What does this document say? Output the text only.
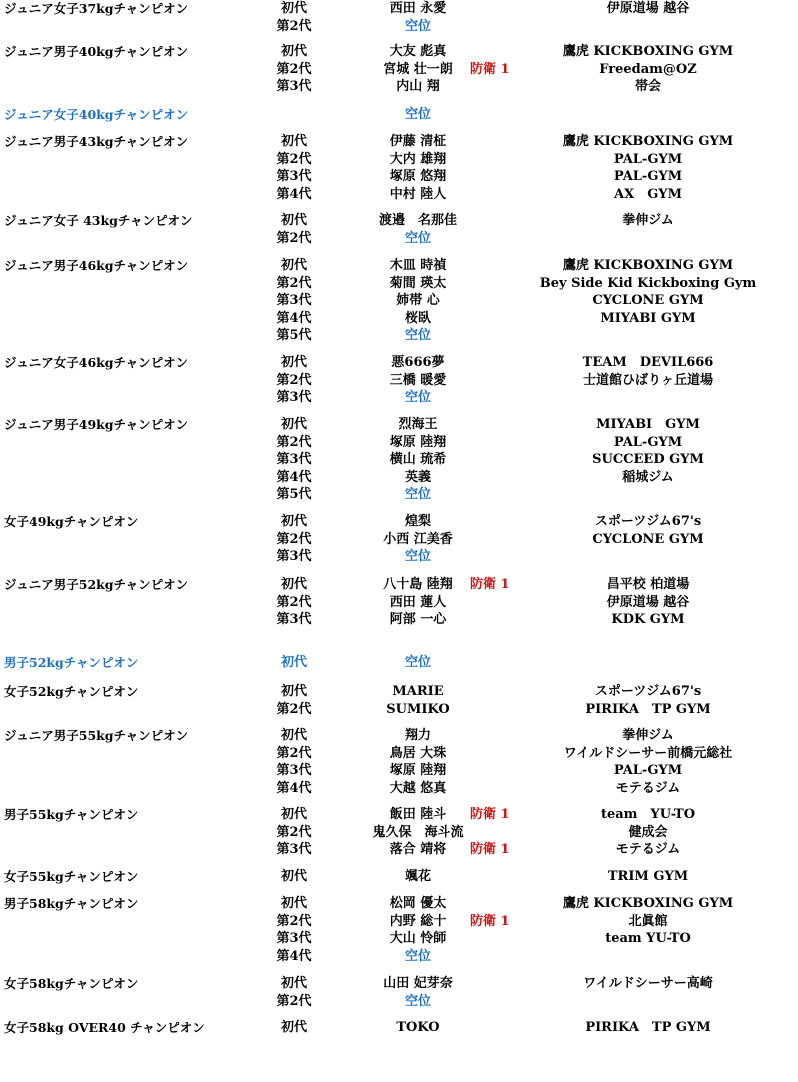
ジュニア女子37kgチャンピオン	初代	西田 永愛	伊原道場 越谷
第2代	空位
ジュニア男子40kgチャンピオン	初代	大友 彪真	鷹虎 KICKBOXING GYM
第2代	宮城 壮一朗	防衛 1	Freedam@OZ
第3代	内山 翔	帯会
ジュニア女子40kgチャンピオン	空位
ジュニア男子43kgチャンピオン	初代	伊藤 清柾	鷹虎 KICKBOXING GYM
第2代	大内 雄翔	PAL-GYM
第3代	塚原 悠翔	PAL-GYM
第4代	中村 陸人	AX　GYM
ジュニア女子 43kgチャンピオン	初代	渡邉　名那佳	拳伸ジム
第2代	空位
ジュニア男子46kgチャンピオン	初代	木皿 時禎	鷹虎 KICKBOXING GYM
第2代	菊間 瑛太	Bey Side Kid Kickboxing Gym
第3代	姉帯 心	CYCLONE GYM
第4代	桜臥	MIYABI GYM
第5代	空位
ジュニア女子46kgチャンピオン	初代	悪666夢	TEAM　DEVIL666
第2代	三橋 暖愛	士道館ひばりヶ丘道場
第3代	空位
ジュニア男子49kgチャンピオン	初代	烈海王	MIYABI　GYM
第2代	塚原 陸翔	PAL-GYM
第3代	横山 琉希	SUCCEED GYM
第4代	英義	稲城ジム
第5代	空位
女子49kgチャンピオン	初代	煌梨	スポーツジム67's
第2代	小西 江美香	CYCLONE GYM
第3代	空位
ジュニア男子52kgチャンピオン	初代	八十島 陸翔	防衛 1	昌平校 柏道場
第2代	西田 蓮人	伊原道場 越谷
第3代	阿部 一心	KDK GYM
男子52kgチャンピオン	初代	空位
女子52kgチャンピオン	初代	MARIE	スポーツジム67's
第2代	SUMIKO	PIRIKA　TP GYM
ジュニア男子55kgチャンピオン	初代	翔力	拳伸ジム
第2代	鳥居 大珠	ワイルドシーサー前橋元総社
第3代	塚原 陸翔	PAL-GYM
第4代	大越 悠真	モテるジム
男子55kgチャンピオン	初代	飯田 陸斗	防衛 1	team　YU-TO
第2代	鬼久保　海斗流	健成会
第3代	落合 靖将	防衛 1	モテるジム
女子55kgチャンピオン	初代	颯花	TRIM GYM
男子58kgチャンピオン	初代	松岡 優太	鷹虎 KICKBOXING GYM
第2代	内野 総十	防衛 1	北眞館
第3代	大山 怜師	team YU-TO
第4代	空位
女子58kgチャンピオン	初代	山田 妃芽奈	ワイルドシーサー高崎
第2代	空位
女子58kg OVER40 チャンピオン	初代	TOKO	PIRIKA　TP GYM
